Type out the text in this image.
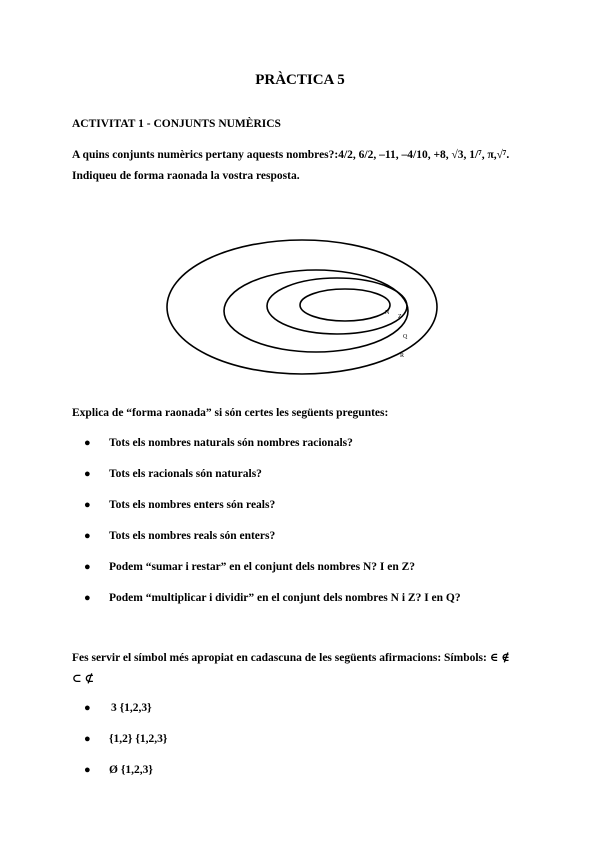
PRÀCTICA 5
ACTIVITAT 1 - CONJUNTS NUMÈRICS
A quins conjunts numèrics pertany aquests nombres?:4/2, 6/2, –11, –4/10, +8, √3, 1/⁷, π,√⁷.
Indiqueu de forma raonada la vostra resposta.
N
Z
Q
R
Explica de “forma raonada” si són certes les següents preguntes:
● Tots els nombres naturals són nombres racionals?
● Tots els racionals són naturals?
● Tots els nombres enters són reals?
● Tots els nombres reals són enters?
● Podem “sumar i restar” en el conjunt dels nombres N? I en Z?
● Podem “multiplicar i dividir” en el conjunt dels nombres N i Z? I en Q?
Fes servir el símbol més apropiat en cadascuna de les següents afirmacions: Símbols: ∈ ∉
⊂ ⊄
● 3 {1,2,3}
● {1,2} {1,2,3}
● Ø {1,2,3}
